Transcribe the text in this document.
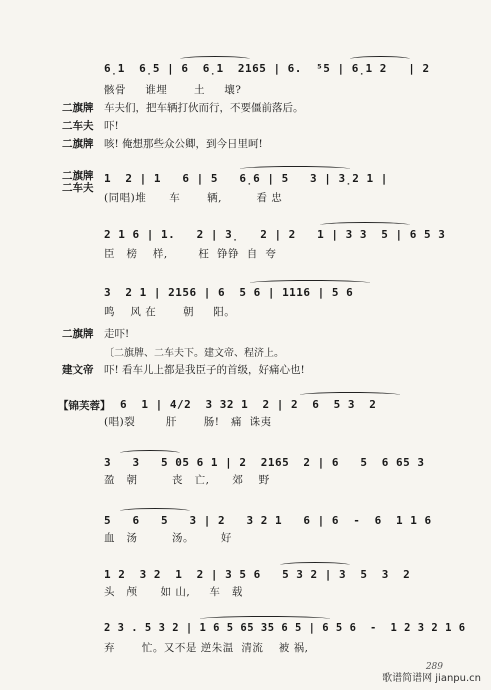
6̣1  6̣5 | 6  6̣1  2165 | 6.  ⁵5 | 6̣1 2   | 2
骸骨     谁埋       土     壤?
二旗牌 车夫们，把车辆打伙而行，不要僵前落后。
二车夫 吓!
二旗牌 咳! 俺想那些众公卿，到今日里呵!
二旗牌
二车夫
1  2 | 1   6 | 5   6̣6 | 5   3 | 3̣2 1 |
(同唱)堆      车       辆,         看 忠
2 1 6 | 1.   2 | 3̣   2 | 2   1 | 3 3  5 | 6 5 3
臣   榜    样,        枉  铮铮  自  夸
3  2 1 | 2156 | 6  5 6 | 1116 | 5 6
鸣    风 在       朝     阳。
二旗牌 走吓!
〔二旗牌、二车夫下。建文帝、程济上。
建文帝 吓! 看车儿上都是我臣子的首级，好痛心也!
【锦芙蓉】 6  1 | 4/2  3 32 1  2 | 2  6  5 3  2
(唱)裂        肝       肠!   痛  诛夷
3   3   5 05 6 1 | 2  2165  2 | 6   5  6 65 3
盈   朝         丧   亡,      郊    野
5   6   5   3 | 2   3 2 1   6 | 6  -  6  1 1 6
血   汤         汤。       好
1 2  3 2  1  2 | 3 5 6   5 3 2 | 3  5  3  2
头   颅      如 山,     车   载
2 3 . 5 3 2 | 1 6 5 65 35 6 5 | 6 5 6  -  1 2 3 2 1 6
弃       忙。又不是 逆朱温  清流    被 祸,
289
歌谱简谱网 jianpu.cn
